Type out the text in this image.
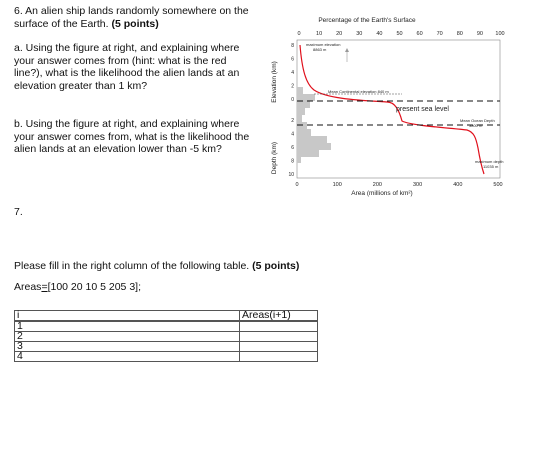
6. An alien ship lands randomly somewhere on the surface of the Earth. (5 points)
a. Using the figure at right, and explaining where your answer comes from (hint: what is the red line?), what is the likelihood the alien lands at an elevation greater than 1 km?
b. Using the figure at right, and explaining where your answer comes from, what is the likelihood the alien lands at an elevation lower than -5 km?
Percentage of the Earth's Surface
0	10	20	30	40	50	60	70	80	90 100
Elevation (km)
Depth (km)
8
6
4
2
0
2
4
6
8
10
maximum elevation
8863 m
Mean Continental elevation 840 m
present sea level
Mean Ocean Depth
3800 m
maximum depth
11035 m
0	100	200	300	400	500
Area (millions of km²)
7.
Please fill in the right column of the following table. (5 points)
Areas=[100 20 10 5 205 3];
i	Areas(i+1)
1	
2	
3	
4	
